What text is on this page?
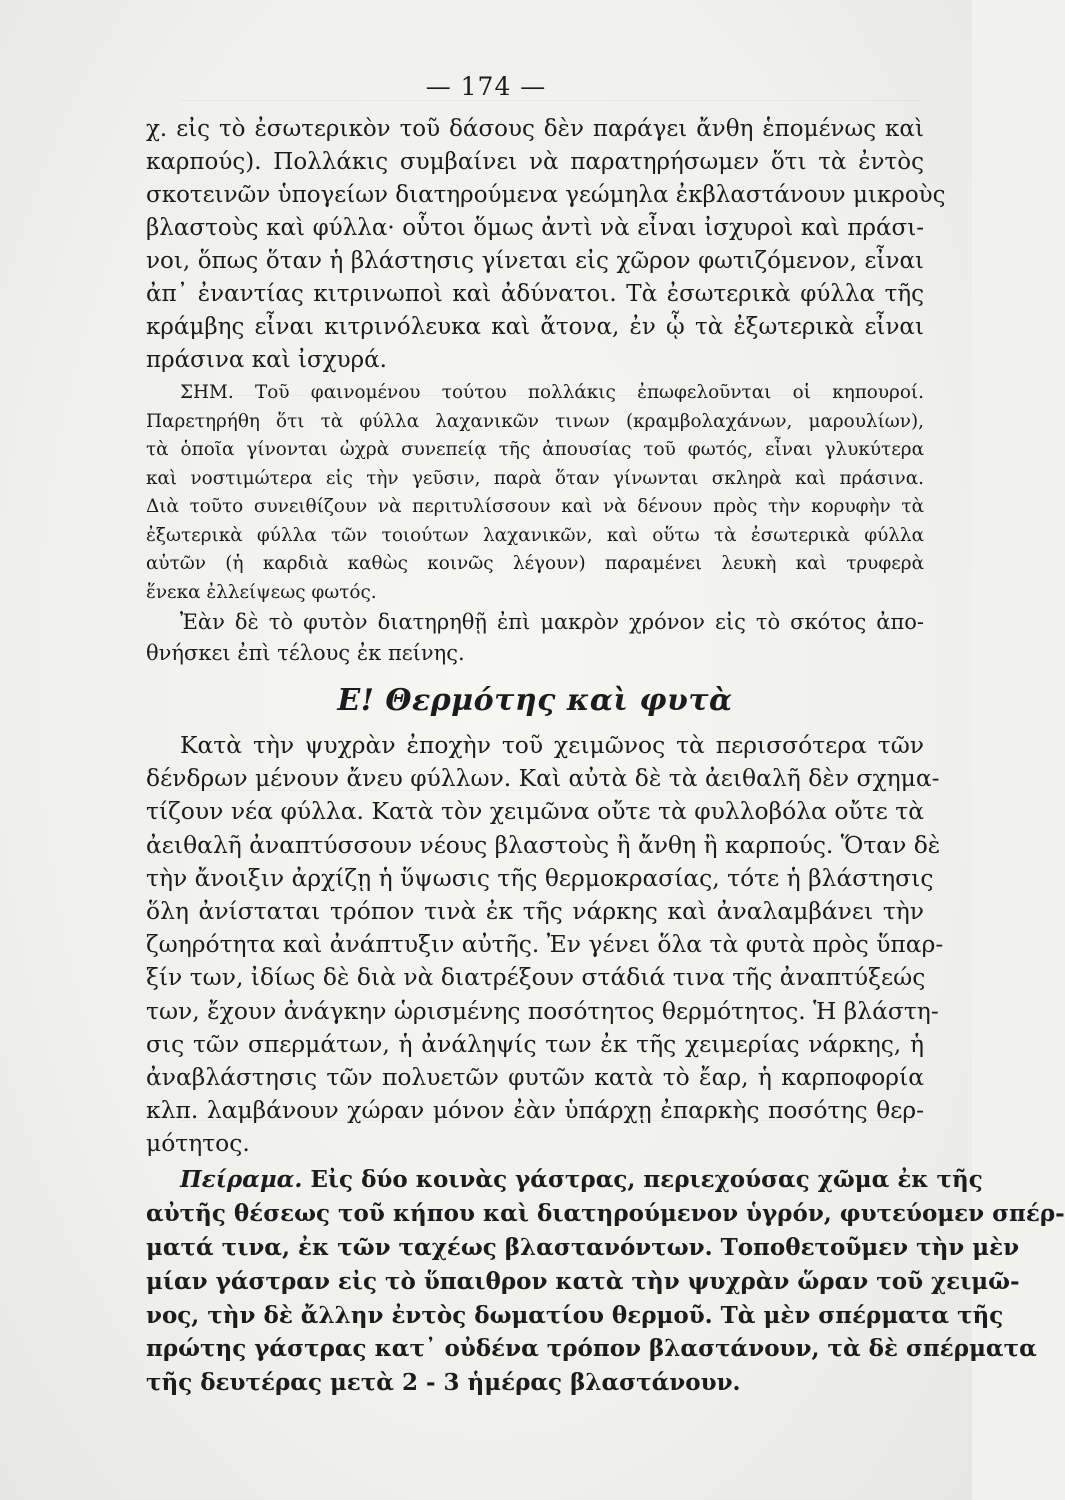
— 174 —
χ. εἰς τὸ ἐσωτερικὸν τοῦ δάσους δὲν παράγει ἄνθη ἑπομένως καὶ
καρπούς). Πολλάκις συμβαίνει νὰ παρατηρήσωμεν ὅτι τὰ ἐντὸς
σκοτεινῶν ὑπογείων διατηρούμενα γεώμηλα ἐκβλαστάνουν μικροὺς
βλαστοὺς καὶ φύλλα· οὗτοι ὅμως ἀντὶ νὰ εἶναι ἰσχυροὶ καὶ πράσι-
νοι, ὅπως ὅταν ἡ βλάστησις γίνεται εἰς χῶρον φωτιζόμενον, εἶναι
ἀπ᾽ ἐναντίας κιτρινωποὶ καὶ ἀδύνατοι. Τὰ ἐσωτερικὰ φύλλα τῆς
κράμβης εἶναι κιτρινόλευκα καὶ ἄτονα, ἐν ᾧ τὰ ἐξωτερικὰ εἶναι
πράσινα καὶ ἰσχυρά.
ΣΗΜ. Τοῦ φαινομένου τούτου πολλάκις ἐπωφελοῦνται οἱ κηπουροί.
Παρετηρήθη ὅτι τὰ φύλλα λαχανικῶν τινων (κραμβολαχάνων, μαρουλίων),
τὰ ὁποῖα γίνονται ὠχρὰ συνεπείᾳ τῆς ἀπουσίας τοῦ φωτός, εἶναι γλυκύτερα
καὶ νοστιμώτερα εἰς τὴν γεῦσιν, παρὰ ὅταν γίνωνται σκληρὰ καὶ πράσινα.
Διὰ τοῦτο συνειθίζουν νὰ περιτυλίσσουν καὶ νὰ δένουν πρὸς τὴν κορυφὴν τὰ
ἐξωτερικὰ φύλλα τῶν τοιούτων λαχανικῶν, καὶ οὕτω τὰ ἐσωτερικὰ φύλλα
αὐτῶν (ἡ καρδιὰ καθὼς κοινῶς λέγουν) παραμένει λευκὴ καὶ τρυφερὰ
ἕνεκα ἐλλείψεως φωτός.
Ἐὰν δὲ τὸ φυτὸν διατηρηθῇ ἐπὶ μακρὸν χρόνον εἰς τὸ σκότος ἀπο-
θνήσκει ἐπὶ τέλους ἐκ πείνης.
Ε! Θερμότης καὶ φυτὰ
Κατὰ τὴν ψυχρὰν ἐποχὴν τοῦ χειμῶνος τὰ περισσότερα τῶν
δένδρων μένουν ἄνευ φύλλων. Καὶ αὐτὰ δὲ τὰ ἀειθαλῆ δὲν σχημα-
τίζουν νέα φύλλα. Κατὰ τὸν χειμῶνα οὔτε τὰ φυλλοβόλα οὔτε τὰ
ἀειθαλῆ ἀναπτύσσουν νέους βλαστοὺς ἢ ἄνθη ἢ καρπούς. Ὅταν δὲ
τὴν ἄνοιξιν ἀρχίζῃ ἡ ὕψωσις τῆς θερμοκρασίας, τότε ἡ βλάστησις
ὅλη ἀνίσταται τρόπον τινὰ ἐκ τῆς νάρκης καὶ ἀναλαμβάνει τὴν
ζωηρότητα καὶ ἀνάπτυξιν αὐτῆς. Ἐν γένει ὅλα τὰ φυτὰ πρὸς ὕπαρ-
ξίν των, ἰδίως δὲ διὰ νὰ διατρέξουν στάδιά τινα τῆς ἀναπτύξεώς
των, ἔχουν ἀνάγκην ὡρισμένης ποσότητος θερμότητος. Ἡ βλάστη-
σις τῶν σπερμάτων, ἡ ἀνάληψίς των ἐκ τῆς χειμερίας νάρκης, ἡ
ἀναβλάστησις τῶν πολυετῶν φυτῶν κατὰ τὸ ἔαρ, ἡ καρποφορία
κλπ. λαμβάνουν χώραν μόνον ἐὰν ὑπάρχῃ ἐπαρκὴς ποσότης θερ-
μότητος.
Πείραμα. Εἰς δύο κοινὰς γάστρας, περιεχούσας χῶμα ἐκ τῆς
αὐτῆς θέσεως τοῦ κήπου καὶ διατηρούμενον ὑγρόν, φυτεύομεν σπέρ-
ματά τινα, ἐκ τῶν ταχέως βλαστανόντων. Τοποθετοῦμεν τὴν μὲν
μίαν γάστραν εἰς τὸ ὕπαιθρον κατὰ τὴν ψυχρὰν ὥραν τοῦ χειμῶ-
νος, τὴν δὲ ἄλλην ἐντὸς δωματίου θερμοῦ. Τὰ μὲν σπέρματα τῆς
πρώτης γάστρας κατ᾽ οὐδένα τρόπον βλαστάνουν, τὰ δὲ σπέρματα
τῆς δευτέρας μετὰ 2 - 3 ἡμέρας βλαστάνουν.
